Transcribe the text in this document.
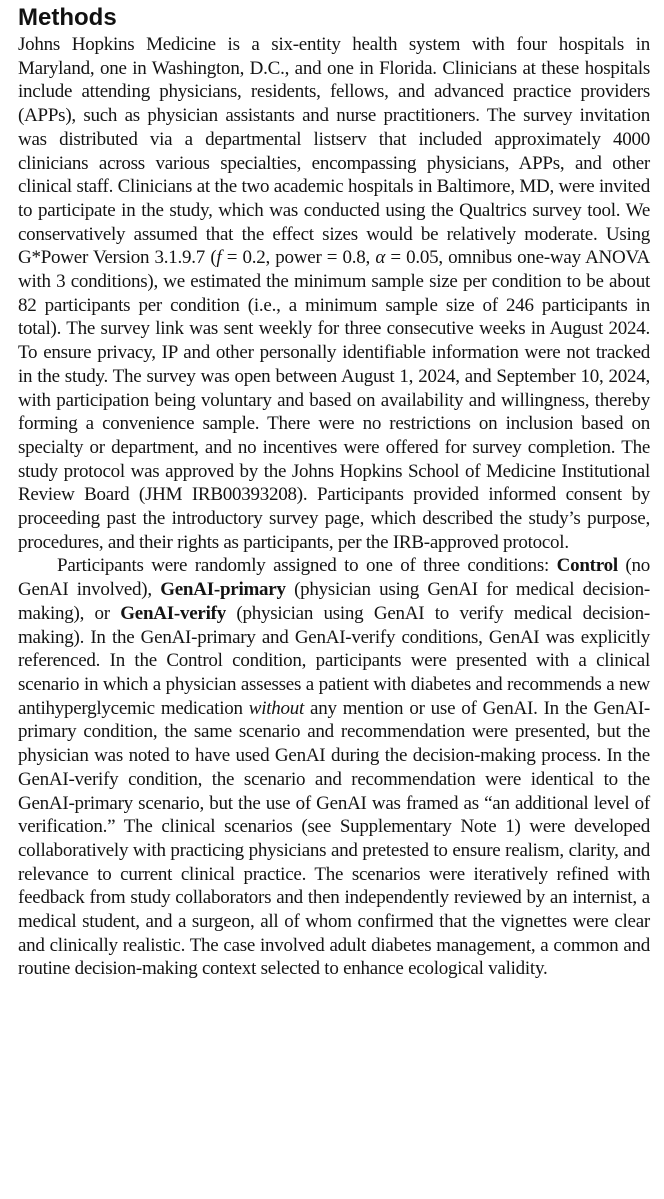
Methods

Johns Hopkins Medicine is a six-entity health system with four hospitals in Maryland, one in Washington, D.C., and one in Florida. Clinicians at these hospitals include attending physicians, residents, fellows, and advanced practice providers (APPs), such as physician assistants and nurse practitioners. The survey invitation was distributed via a departmental listserv that included approximately 4000 clinicians across various specialties, encompassing physicians, APPs, and other clinical staff. Clinicians at the two academic hospitals in Baltimore, MD, were invited to participate in the study, which was conducted using the Qualtrics survey tool. We conservatively assumed that the effect sizes would be relatively moderate. Using G*Power Version 3.1.9.7 (f = 0.2, power = 0.8, α = 0.05, omnibus one-way ANOVA with 3 conditions), we estimated the minimum sample size per condition to be about 82 participants per condition (i.e., a minimum sample size of 246 participants in total). The survey link was sent weekly for three consecutive weeks in August 2024. To ensure privacy, IP and other personally identifiable information were not tracked in the study. The survey was open between August 1, 2024, and September 10, 2024, with participation being voluntary and based on availability and willingness, thereby forming a convenience sample. There were no restrictions on inclusion based on specialty or department, and no incentives were offered for survey completion. The study protocol was approved by the Johns Hopkins School of Medicine Institutional Review Board (JHM IRB00393208). Participants provided informed consent by proceeding past the introductory survey page, which described the study’s purpose, procedures, and their rights as participants, per the IRB-approved protocol.

Participants were randomly assigned to one of three conditions: Control (no GenAI involved), GenAI-primary (physician using GenAI for medical decision-making), or GenAI-verify (physician using GenAI to verify medical decision-making). In the GenAI-primary and GenAI-verify conditions, GenAI was explicitly referenced. In the Control condition, participants were presented with a clinical scenario in which a physician assesses a patient with diabetes and recommends a new antihyperglycemic medication without any mention or use of GenAI. In the GenAI-primary condition, the same scenario and recommendation were presented, but the physician was noted to have used GenAI during the decision-making process. In the GenAI-verify condition, the scenario and recommendation were identical to the GenAI-primary scenario, but the use of GenAI was framed as “an additional level of verification.” The clinical scenarios (see Supplementary Note 1) were developed collaboratively with practicing physicians and pretested to ensure realism, clarity, and relevance to current clinical practice. The scenarios were iteratively refined with feedback from study collaborators and then independently reviewed by an internist, a medical student, and a surgeon, all of whom confirmed that the vignettes were clear and clinically realistic. The case involved adult diabetes management, a common and routine decision-making context selected to enhance ecological validity.
